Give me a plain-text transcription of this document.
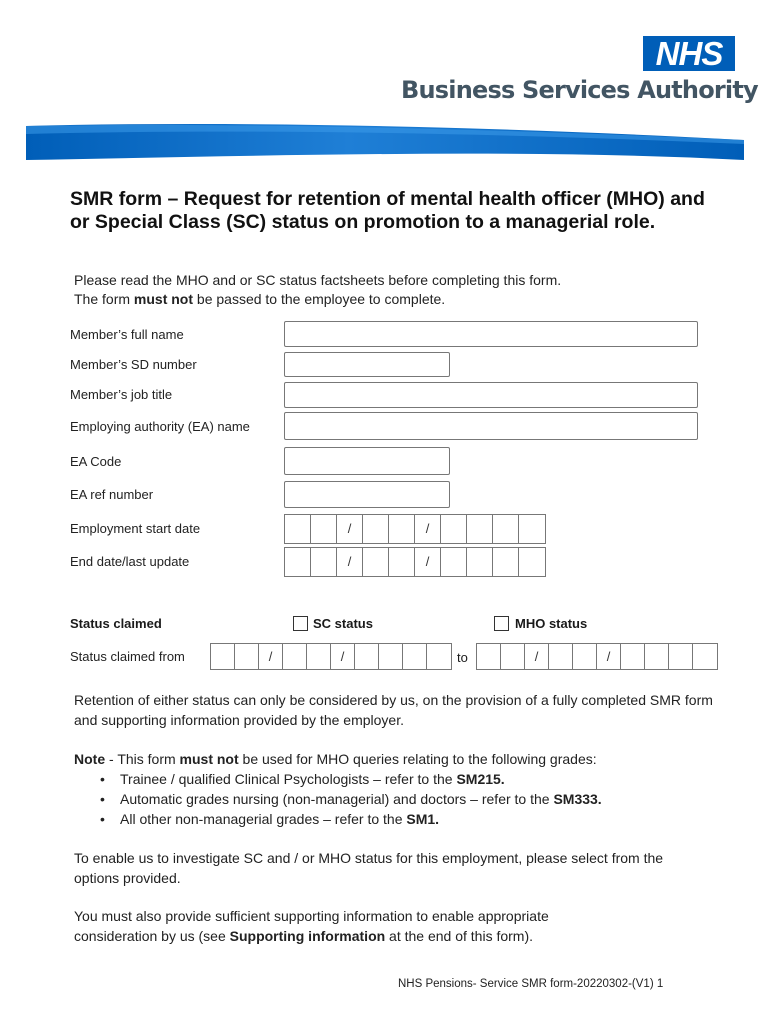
NHS
Business Services Authority
SMR form – Request for retention of mental health officer (MHO) and or Special Class (SC) status on promotion to a managerial role.
Please read the MHO and or SC status factsheets before completing this form.
The form must not be passed to the employee to complete.
Member’s full name
Member’s SD number
Member’s job title
Employing authority (EA) name
EA Code
EA ref number
Employment start date	/	/
End date/last update	/	/
Status claimed	SC status	MHO status
Status claimed from	/	/	to	/	/
Retention of either status can only be considered by us, on the provision of a fully completed SMR form and supporting information provided by the employer.
Note - This form must not be used for MHO queries relating to the following grades:
• Trainee / qualified Clinical Psychologists – refer to the SM215.
• Automatic grades nursing (non-managerial) and doctors – refer to the SM333.
• All other non-managerial grades – refer to the SM1.
To enable us to investigate SC and / or MHO status for this employment, please select from the options provided.
You must also provide sufficient supporting information to enable appropriate consideration by us (see Supporting information at the end of this form).
NHS Pensions- Service SMR form-20220302-(V1) 1
